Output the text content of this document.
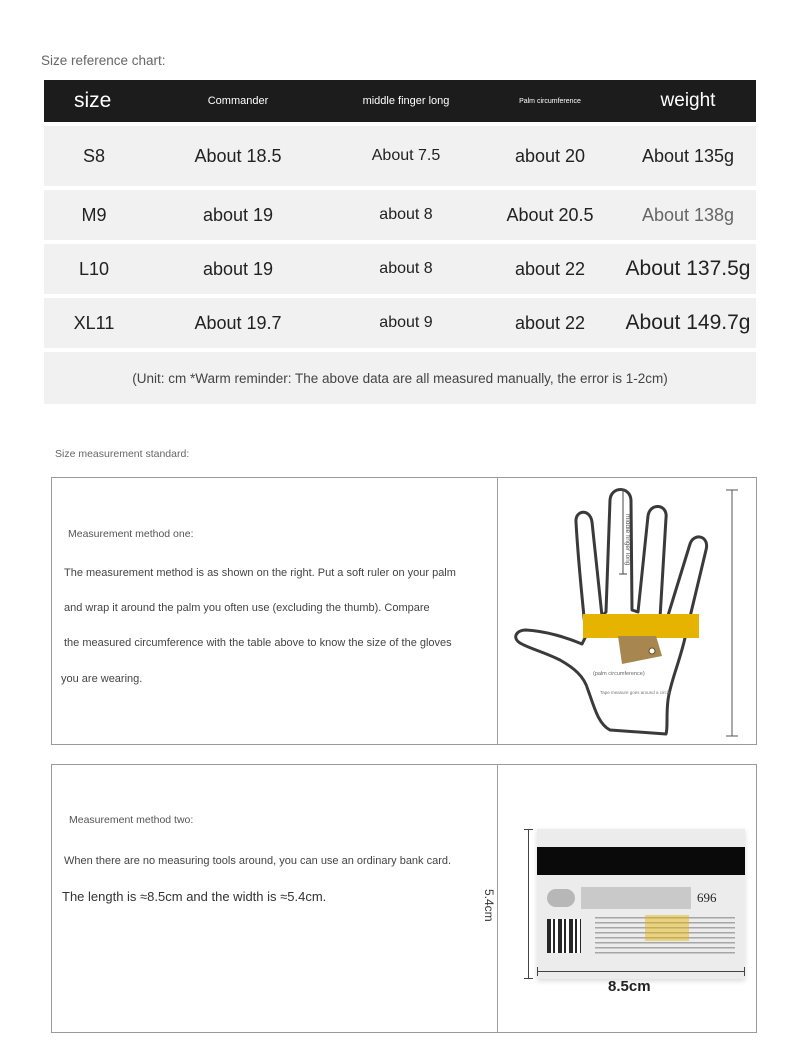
Size reference chart:
size	Commander	middle finger long	Palm circumference	weight
S8	About 18.5	About 7.5	about 20	About 135g
M9	about 19	about 8	About 20.5	About 138g
L10	about 19	about 8	about 22	About 137.5g
XL11	About 19.7	about 9	about 22	About 149.7g
(Unit: cm *Warm reminder: The above data are all measured manually, the error is 1-2cm)
Size measurement standard:
Measurement method one:
The measurement method is as shown on the right. Put a soft ruler on your palm
and wrap it around the palm you often use (excluding the thumb). Compare
the measured circumference with the table above to know the size of the gloves
you are wearing.
middle finger long
(palm circumference)
Tape measure goes around a circle
Measurement method two:
When there are no measuring tools around, you can use an ordinary bank card.
The length is ≈8.5cm and the width is ≈5.4cm.	696
5.4cm
8.5cm
